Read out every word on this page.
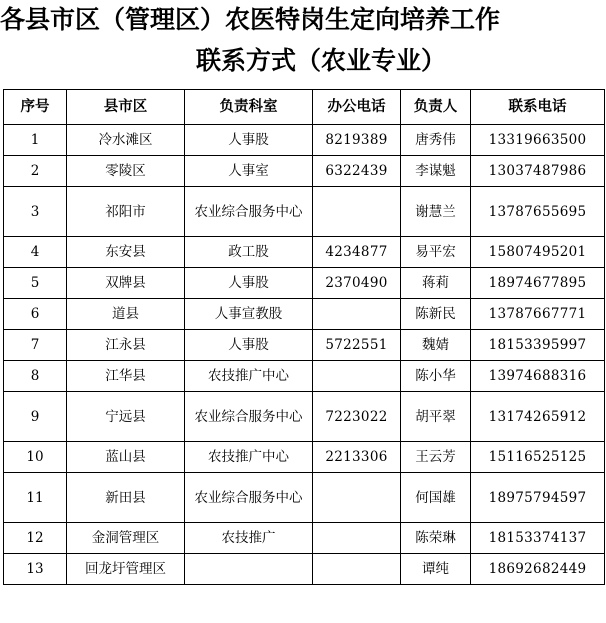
各县市区（管理区）农医特岗生定向培养工作
联系方式（农业专业）
序号	县市区	负责科室	办公电话	负责人	联系电话
1	冷水滩区	人事股	8219389	唐秀伟	13319663500
2	零陵区	人事室	6322439	李谋魁	13037487986
3	祁阳市	农业综合服务中心		谢慧兰	13787655695
4	东安县	政工股	4234877	易平宏	15807495201
5	双牌县	人事股	2370490	蒋莉	18974677895
6	道县	人事宣教股		陈新民	13787667771
7	江永县	人事股	5722551	魏婧	18153395997
8	江华县	农技推广中心		陈小华	13974688316
9	宁远县	农业综合服务中心	7223022	胡平翠	13174265912
10	蓝山县	农技推广中心	2213306	王云芳	15116525125
11	新田县	农业综合服务中心		何国雄	18975794597
12	金洞管理区	农技推广		陈荣琳	18153374137
13	回龙圩管理区			谭纯	18692682449
